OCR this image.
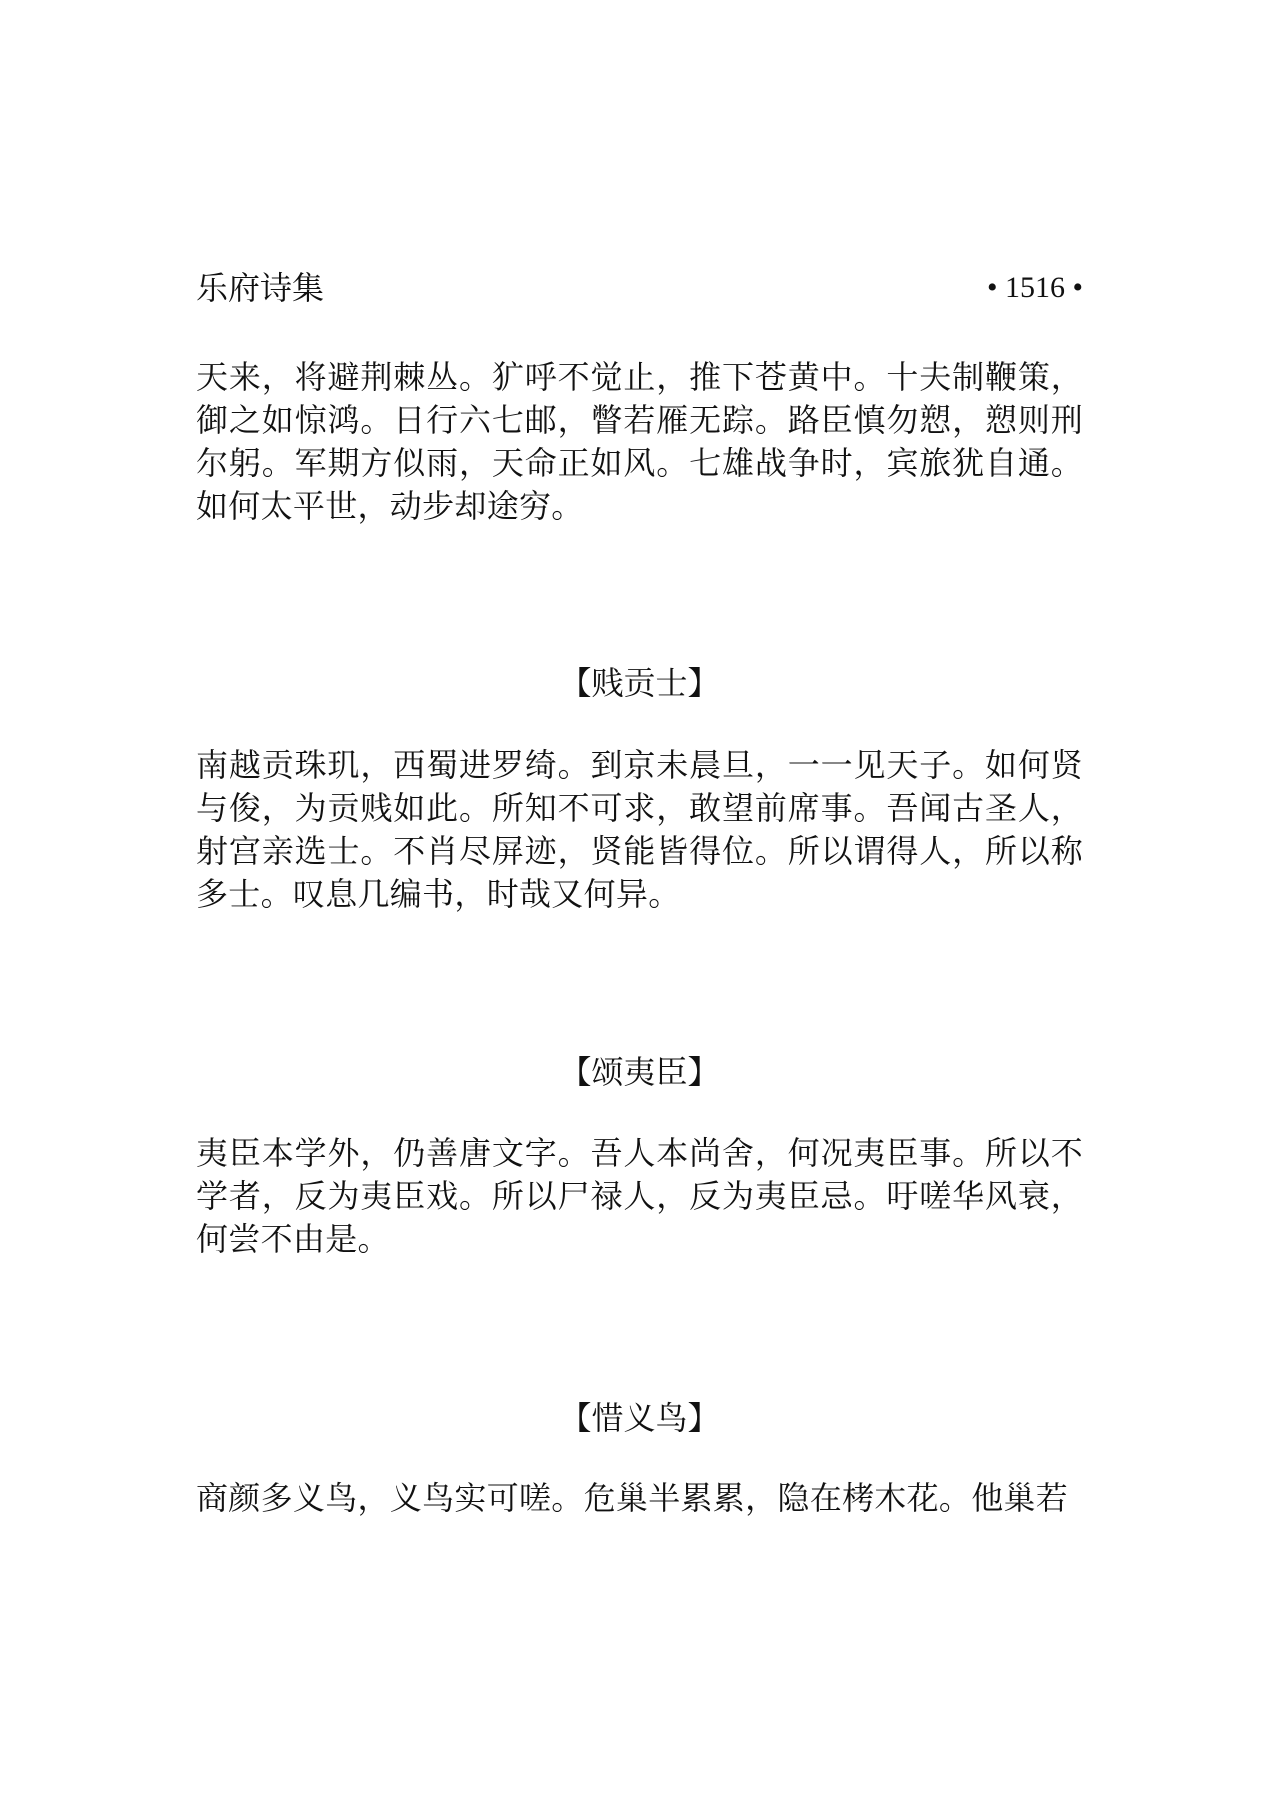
乐府诗集	• 1516 •

天来，将避荆棘丛。犷呼不觉止，推下苍黄中。十夫制鞭策，御之如惊鸿。日行六七邮，瞥若雁无踪。路臣慎勿愬，愬则刑尔躬。军期方似雨，天命正如风。七雄战争时，宾旅犹自通。如何太平世，动步却途穷。

【贱贡士】

南越贡珠玑，西蜀进罗绮。到京未晨旦，一一见天子。如何贤与俊，为贡贱如此。所知不可求，敢望前席事。吾闻古圣人，射宫亲选士。不肖尽屏迹，贤能皆得位。所以谓得人，所以称多士。叹息几编书，时哉又何异。

【颂夷臣】

夷臣本学外，仍善唐文字。吾人本尚舍，何况夷臣事。所以不学者，反为夷臣戏。所以尸禄人，反为夷臣忌。吁嗟华风衰，何尝不由是。

【惜义鸟】

商颜多义鸟，义鸟实可嗟。危巢半累累，隐在栲木花。他巢若
